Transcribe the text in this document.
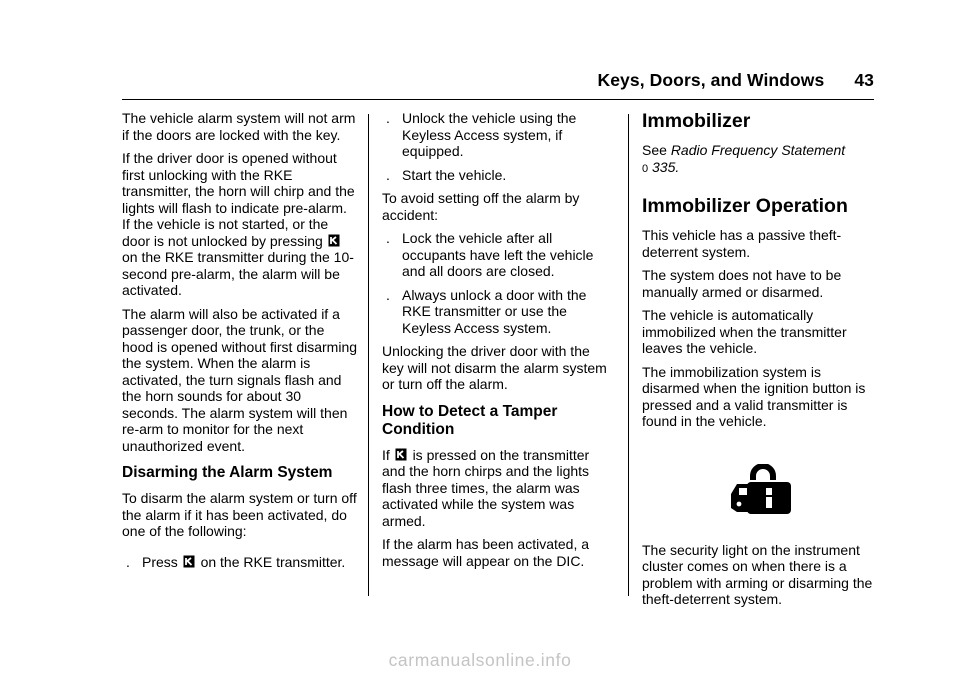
Keys, Doors, and Windows 43

The vehicle alarm system will not arm if the doors are locked with the key.

If the driver door is opened without first unlocking with the RKE transmitter, the horn will chirp and the lights will flash to indicate pre-alarm. If the vehicle is not started, or the door is not unlocked by pressing  on the RKE transmitter during the 10-second pre-alarm, the alarm will be activated.

The alarm will also be activated if a passenger door, the trunk, or the hood is opened without first disarming the system. When the alarm is activated, the turn signals flash and the horn sounds for about 30 seconds. The alarm system will then re-arm to monitor for the next unauthorized event.

Disarming the Alarm System

To disarm the alarm system or turn off the alarm if it has been activated, do one of the following:

. Press on the RKE transmitter.
. Unlock the vehicle using the Keyless Access system, if equipped.
. Start the vehicle.

To avoid setting off the alarm by accident:

. Lock the vehicle after all occupants have left the vehicle and all doors are closed.
. Always unlock a door with the RKE transmitter or use the Keyless Access system.

Unlocking the driver door with the key will not disarm the alarm system or turn off the alarm.

How to Detect a Tamper Condition

If is pressed on the transmitter and the horn chirps and the lights flash three times, the alarm was activated while the system was armed.

If the alarm has been activated, a message will appear on the DIC.

Immobilizer

See Radio Frequency Statement
0 335.

Immobilizer Operation

This vehicle has a passive theft-deterrent system.

The system does not have to be manually armed or disarmed.

The vehicle is automatically immobilized when the transmitter leaves the vehicle.

The immobilization system is disarmed when the ignition button is pressed and a valid transmitter is found in the vehicle.

The security light on the instrument cluster comes on when there is a problem with arming or disarming the theft-deterrent system.

carmanualsonline.info
